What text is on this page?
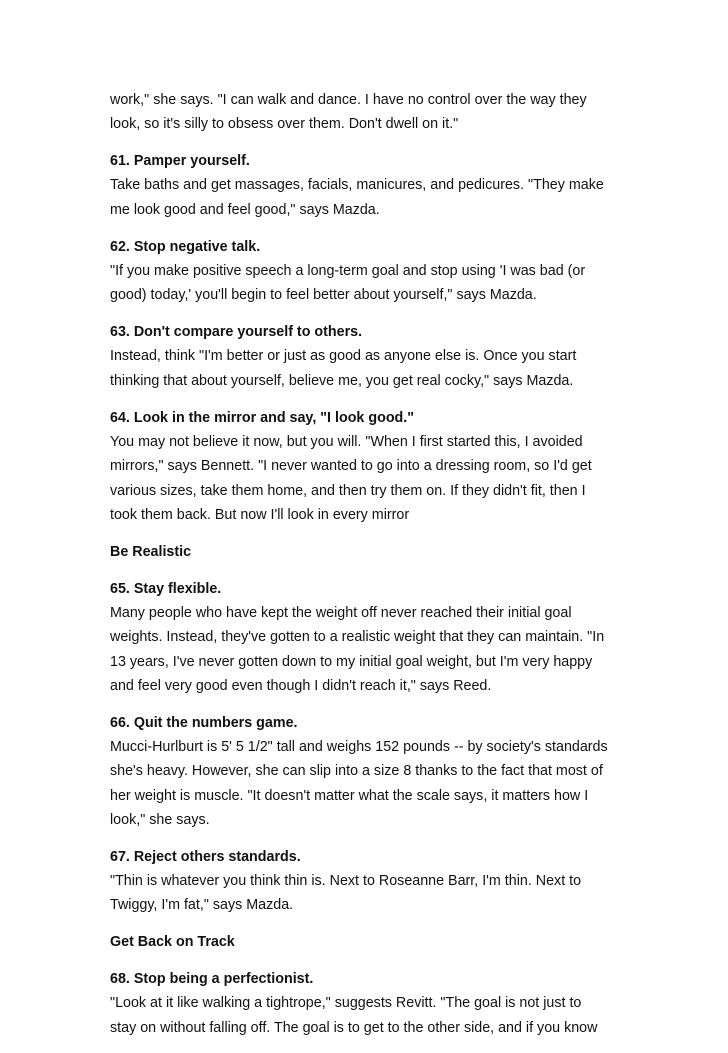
work," she says. "I can walk and dance. I have no control over the way they

look, so it's silly to obsess over them. Don't dwell on it."

61. Pamper yourself.

Take baths and get massages, facials, manicures, and pedicures. "They make

me look good and feel good," says Mazda.

62. Stop negative talk.

"If you make positive speech a long-term goal and stop using 'I was bad (or

good) today,' you'll begin to feel better about yourself," says Mazda.

63. Don't compare yourself to others.

Instead, think "I'm better or just as good as anyone else is. Once you start

thinking that about yourself, believe me, you get real cocky," says Mazda.

64. Look in the mirror and say, "I look good."

You may not believe it now, but you will. "When I first started this, I avoided

mirrors," says Bennett. "I never wanted to go into a dressing room, so I'd get

various sizes, take them home, and then try them on. If they didn't fit, then I

took them back. But now I'll look in every mirror

Be Realistic

65. Stay flexible.

Many people who have kept the weight off never reached their initial goal

weights. Instead, they've gotten to a realistic weight that they can maintain. "In

13 years, I've never gotten down to my initial goal weight, but I'm very happy

and feel very good even though I didn't reach it," says Reed.

66. Quit the numbers game.

Mucci-Hurlburt is 5' 5 1/2" tall and weighs 152 pounds -- by society's standards

she's heavy. However, she can slip into a size 8 thanks to the fact that most of

her weight is muscle. "It doesn't matter what the scale says, it matters how I

look," she says.

67. Reject others standards.

"Thin is whatever you think thin is. Next to Roseanne Barr, I'm thin. Next to

Twiggy, I'm fat," says Mazda.

Get Back on Track

68. Stop being a perfectionist.

"Look at it like walking a tightrope," suggests Revitt. "The goal is not just to

stay on without falling off. The goal is to get to the other side, and if you know
